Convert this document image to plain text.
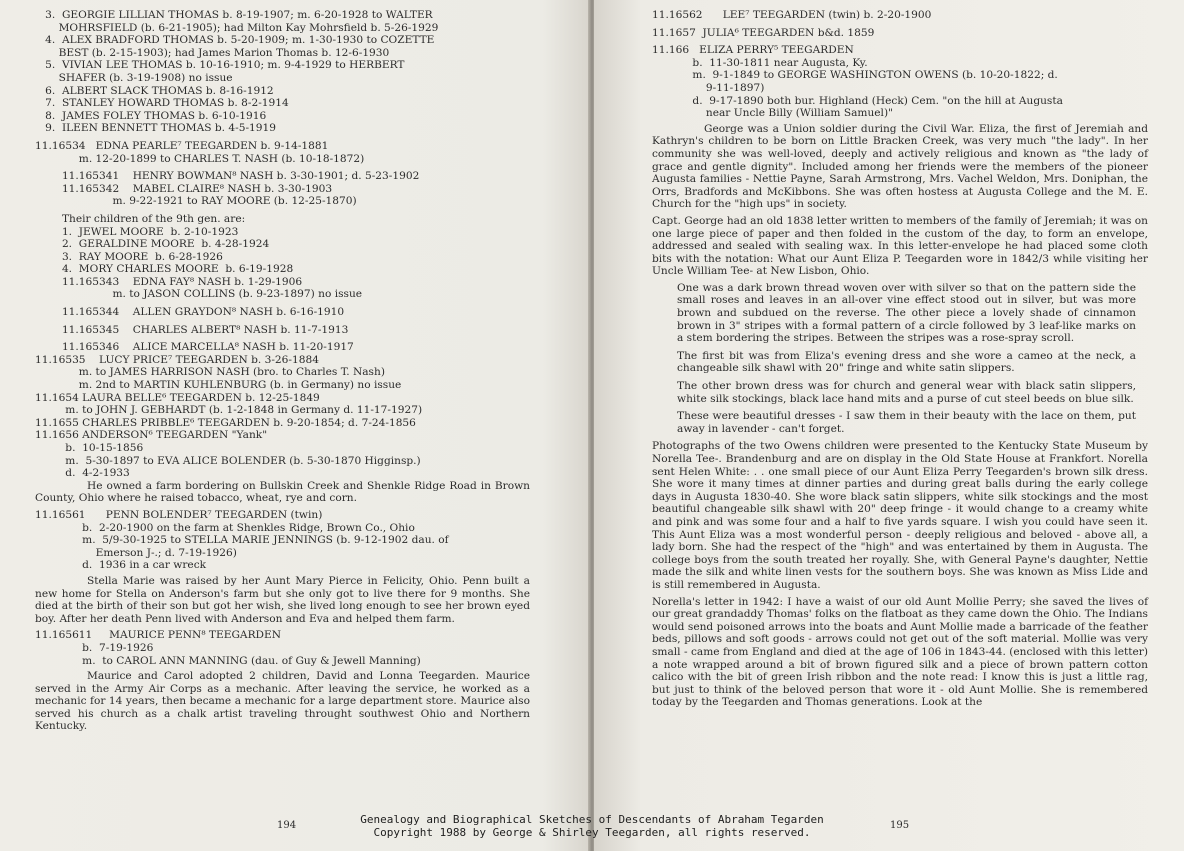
3.  GEORGIE LILLIAN THOMAS b. 8-19-1907; m. 6-20-1928 to WALTER
MOHRSFIELD (b. 6-21-1905); had Milton Kay Mohrsfield b. 5-26-1929
4.  ALEX BRADFORD THOMAS b. 5-20-1909; m. 1-30-1930 to COZETTE
BEST (b. 2-15-1903); had James Marion Thomas b. 12-6-1930
5.  VIVIAN LEE THOMAS b. 10-16-1910; m. 9-4-1929 to HERBERT
SHAFER (b. 3-19-1908) no issue
6.  ALBERT SLACK THOMAS b. 8-16-1912
7.  STANLEY HOWARD THOMAS b. 8-2-1914
8.  JAMES FOLEY THOMAS b. 6-10-1916
9.  ILEEN BENNETT THOMAS b. 4-5-1919
11.16534   EDNA PEARLE⁷ TEEGARDEN b. 9-14-1881
m. 12-20-1899 to CHARLES T. NASH (b. 10-18-1872)
11.165341    HENRY BOWMAN⁸ NASH b. 3-30-1901; d. 5-23-1902
11.165342    MABEL CLAIRE⁸ NASH b. 3-30-1903
m. 9-22-1921 to RAY MOORE (b. 12-25-1870)
Their children of the 9th gen. are:
1.  JEWEL MOORE  b. 2-10-1923
2.  GERALDINE MOORE  b. 4-28-1924
3.  RAY MOORE  b. 6-28-1926
4.  MORY CHARLES MOORE  b. 6-19-1928
11.165343    EDNA FAY⁸ NASH b. 1-29-1906
m. to JASON COLLINS (b. 9-23-1897) no issue
11.165344    ALLEN GRAYDON⁸ NASH b. 6-16-1910
11.165345    CHARLES ALBERT⁸ NASH b. 11-7-1913
11.165346    ALICE MARCELLA⁸ NASH b. 11-20-1917
11.16535    LUCY PRICE⁷ TEEGARDEN b. 3-26-1884
m. to JAMES HARRISON NASH (bro. to Charles T. Nash)
m. 2nd to MARTIN KUHLENBURG (b. in Germany) no issue
11.1654 LAURA BELLE⁶ TEEGARDEN b. 12-25-1849
m. to JOHN J. GEBHARDT (b. 1-2-1848 in Germany d. 11-17-1927)
11.1655 CHARLES PRIBBLE⁶ TEEGARDEN b. 9-20-1854; d. 7-24-1856
11.1656 ANDERSON⁶ TEEGARDEN "Yank"
b.  10-15-1856
m.  5-30-1897 to EVA ALICE BOLENDER (b. 5-30-1870 Higginsp.)
d.  4-2-1933

He owned a farm bordering on Bullskin Creek and Shenkle Ridge Road in Brown County, Ohio where he raised tobacco, wheat, rye and corn.

11.16561      PENN BOLENDER⁷ TEEGARDEN (twin)
b.  2-20-1900 on the farm at Shenkles Ridge, Brown Co., Ohio
m.  5/9-30-1925 to STELLA MARIE JENNINGS (b. 9-12-1902 dau. of
Emerson J-.; d. 7-19-1926)
d.  1936 in a car wreck

Stella Marie was raised by her Aunt Mary Pierce in Felicity, Ohio. Penn built a new home for Stella on Anderson's farm but she only got to live there for 9 months. She died at the birth of their son but got her wish, she lived long enough to see her brown eyed boy. After her death Penn lived with Anderson and Eva and helped them farm.

11.165611     MAURICE PENN⁸ TEEGARDEN
b.  7-19-1926
m.  to CAROL ANN MANNING (dau. of Guy & Jewell Manning)

Maurice and Carol adopted 2 children, David and Lonna Teegarden. Maurice served in the Army Air Corps as a mechanic. After leaving the service, he worked as a mechanic for 14 years, then became a mechanic for a large department store. Maurice also served his church as a chalk artist traveling throught southwest Ohio and Northern Kentucky.

194
11.16562      LEE⁷ TEEGARDEN (twin) b. 2-20-1900
11.1657  JULIA⁶ TEEGARDEN b&d. 1859
11.166   ELIZA PERRY⁵ TEEGARDEN
b.  11-30-1811 near Augusta, Ky.
m.  9-1-1849 to GEORGE WASHINGTON OWENS (b. 10-20-1822; d.
9-11-1897)
d.  9-17-1890 both bur. Highland (Heck) Cem. "on the hill at Augusta
near Uncle Billy (William Samuel)"

George was a Union soldier during the Civil War. Eliza, the first of Jeremiah and Kathryn's children to be born on Little Bracken Creek, was very much "the lady". In her community she was well-loved, deeply and actively religious and known as "the lady of grace and gentle dignity". Included among her friends were the members of the pioneer Augusta families - Nettie Payne, Sarah Armstrong, Mrs. Vachel Weldon, Mrs. Doniphan, the Orrs, Bradfords and McKibbons. She was often hostess at Augusta College and the M. E. Church for the "high ups" in society.

Capt. George had an old 1838 letter written to members of the family of Jeremiah; it was on one large piece of paper and then folded in the custom of the day, to form an envelope, addressed and sealed with sealing wax. In this letter-envelope he had placed some cloth bits with the notation: What our Aunt Eliza P. Teegarden wore in 1842/3 while visiting her Uncle William Tee- at New Lisbon, Ohio.

One was a dark brown thread woven over with silver so that on the pattern side the small roses and leaves in an all-over vine effect stood out in silver, but was more brown and subdued on the reverse. The other piece a lovely shade of cinnamon brown in 3" stripes with a formal pattern of a circle followed by 3 leaf-like marks on a stem bordering the stripes. Between the stripes was a rose-spray scroll.

The first bit was from Eliza's evening dress and she wore a cameo at the neck, a changeable silk shawl with 20" fringe and white satin slippers.

The other brown dress was for church and general wear with black satin slippers, white silk stockings, black lace hand mits and a purse of cut steel beeds on blue silk.

These were beautiful dresses - I saw them in their beauty with the lace on them, put away in lavender - can't forget.

Photographs of the two Owens children were presented to the Kentucky State Museum by Norella Tee-. Brandenburg and are on display in the Old State House at Frankfort. Norella sent Helen White: . . one small piece of our Aunt Eliza Perry Teegarden's brown silk dress. She wore it many times at dinner parties and during great balls during the early college days in Augusta 1830-40. She wore black satin slippers, white silk stockings and the most beautiful changeable silk shawl with 20" deep fringe - it would change to a creamy white and pink and was some four and a half to five yards square. I wish you could have seen it. This Aunt Eliza was a most wonderful person - deeply religious and beloved - above all, a lady born. She had the respect of the "high" and was entertained by them in Augusta. The college boys from the south treated her royally. She, with General Payne's daughter, Nettie made the silk and white linen vests for the southern boys. She was known as Miss Lide and is still remembered in Augusta.

Norella's letter in 1942: I have a waist of our old Aunt Mollie Perry; she saved the lives of our great grandaddy Thomas' folks on the flatboat as they came down the Ohio. The Indians would send poisoned arrows into the boats and Aunt Mollie made a barricade of the feather beds, pillows and soft goods - arrows could not get out of the soft material. Mollie was very small - came from England and died at the age of 106 in 1843-44. (enclosed with this letter) a note wrapped around a bit of brown figured silk and a piece of brown pattern cotton calico with the bit of green Irish ribbon and the note read: I know this is just a little rag, but just to think of the beloved person that wore it - old Aunt Mollie. She is remembered today by the Teegarden and Thomas generations. Look at the

195
Genealogy and Biographical Sketches of Descendants of Abraham Tegarden
Copyright 1988 by George & Shirley Teegarden, all rights reserved.
